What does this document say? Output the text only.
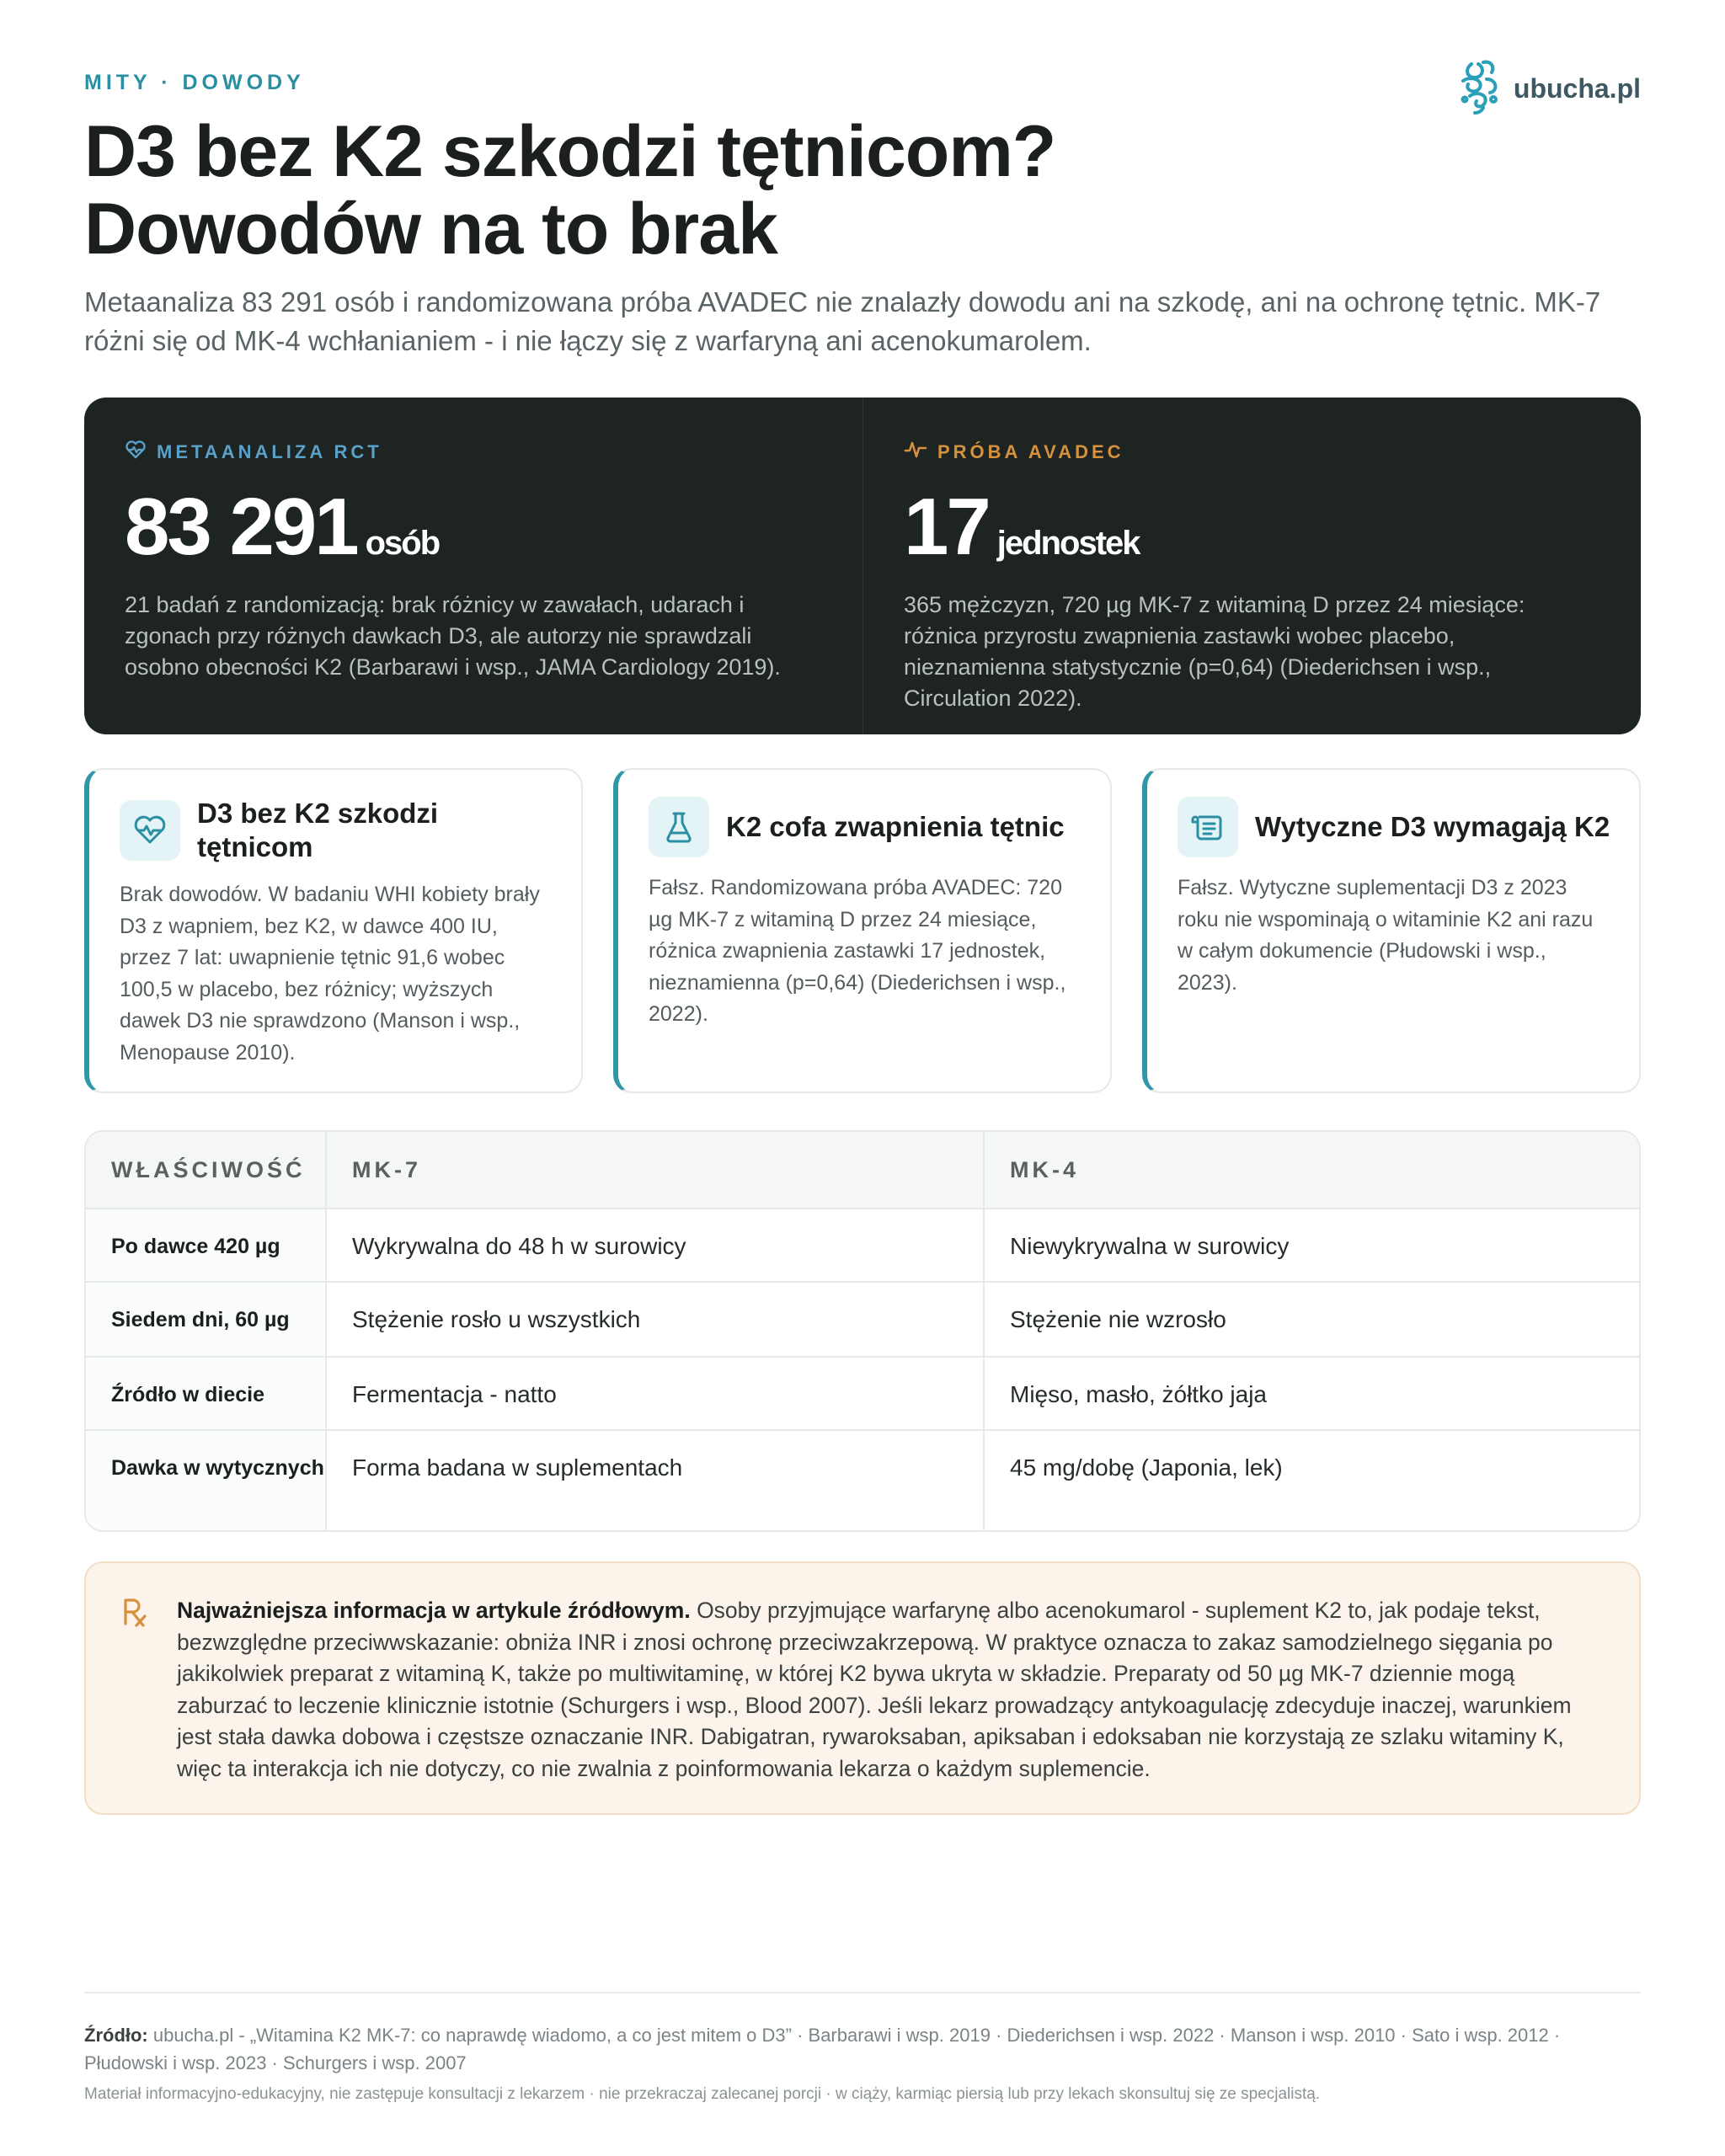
MITY · DOWODY	ubucha.pl
D3 bez K2 szkodzi tętnicom?
Dowodów na to brak

Metaanaliza 83 291 osób i randomizowana próba AVADEC nie znalazły dowodu ani na szkodę, ani na ochronę tętnic. MK-7 różni się od MK-4 wchłanianiem - i nie łączy się z warfaryną ani acenokumarolem.

METAANALIZA RCT
83 291 osób

21 badań z randomizacją: brak różnicy w zawałach, udarach i zgonach przy różnych dawkach D3, ale autorzy nie sprawdzali osobno obecności K2 (Barbarawi i wsp., JAMA Cardiology 2019).

PRÓBA AVADEC
17 jednostek

365 mężczyzn, 720 µg MK-7 z witaminą D przez 24 miesiące: różnica przyrostu zwapnienia zastawki wobec placebo, nieznamienna statystycznie (p=0,64) (Diederichsen i wsp., Circulation 2022).

D3 bez K2 szkodzi tętnicom

Brak dowodów. W badaniu WHI kobiety brały D3 z wapniem, bez K2, w dawce 400 IU, przez 7 lat: uwapnienie tętnic 91,6 wobec 100,5 w placebo, bez różnicy; wyższych dawek D3 nie sprawdzono (Manson i wsp., Menopause 2010).

K2 cofa zwapnienia tętnic

Fałsz. Randomizowana próba AVADEC: 720 µg MK-7 z witaminą D przez 24 miesiące, różnica zwapnienia zastawki 17 jednostek, nieznamienna (p=0,64) (Diederichsen i wsp., 2022).

Wytyczne D3 wymagają K2

Fałsz. Wytyczne suplementacji D3 z 2023 roku nie wspominają o witaminie K2 ani razu w całym dokumencie (Płudowski i wsp., 2023).

WŁAŚCIWOŚĆ	MK-7	MK-4
Po dawce 420 µg	Wykrywalna do 48 h w surowicy	Niewykrywalna w surowicy
Siedem dni, 60 µg	Stężenie rosło u wszystkich	Stężenie nie wzrosło
Źródło w diecie	Fermentacja - natto	Mięso, masło, żółtko jaja
Dawka w wytycznych	Forma badana w suplementach	45 mg/dobę (Japonia, lek)

Najważniejsza informacja w artykule źródłowym. Osoby przyjmujące warfarynę albo acenokumarol - suplement K2 to, jak podaje tekst, bezwzględne przeciwwskazanie: obniża INR i znosi ochronę przeciwzakrzepową. W praktyce oznacza to zakaz samodzielnego sięgania po jakikolwiek preparat z witaminą K, także po multiwitaminę, w której K2 bywa ukryta w składzie. Preparaty od 50 µg MK-7 dziennie mogą zaburzać to leczenie klinicznie istotnie (Schurgers i wsp., Blood 2007). Jeśli lekarz prowadzący antykoagulację zdecyduje inaczej, warunkiem jest stała dawka dobowa i częstsze oznaczanie INR. Dabigatran, rywaroksaban, apiksaban i edoksaban nie korzystają ze szlaku witaminy K, więc ta interakcja ich nie dotyczy, co nie zwalnia z poinformowania lekarza o każdym suplemencie.

Źródło: ubucha.pl - „Witamina K2 MK-7: co naprawdę wiadomo, a co jest mitem o D3” · Barbarawi i wsp. 2019 · Diederichsen i wsp. 2022 · Manson i wsp. 2010 · Sato i wsp. 2012 · Płudowski i wsp. 2023 · Schurgers i wsp. 2007

Materiał informacyjno-edukacyjny, nie zastępuje konsultacji z lekarzem · nie przekraczaj zalecanej porcji · w ciąży, karmiąc piersią lub przy lekach skonsultuj się ze specjalistą.
